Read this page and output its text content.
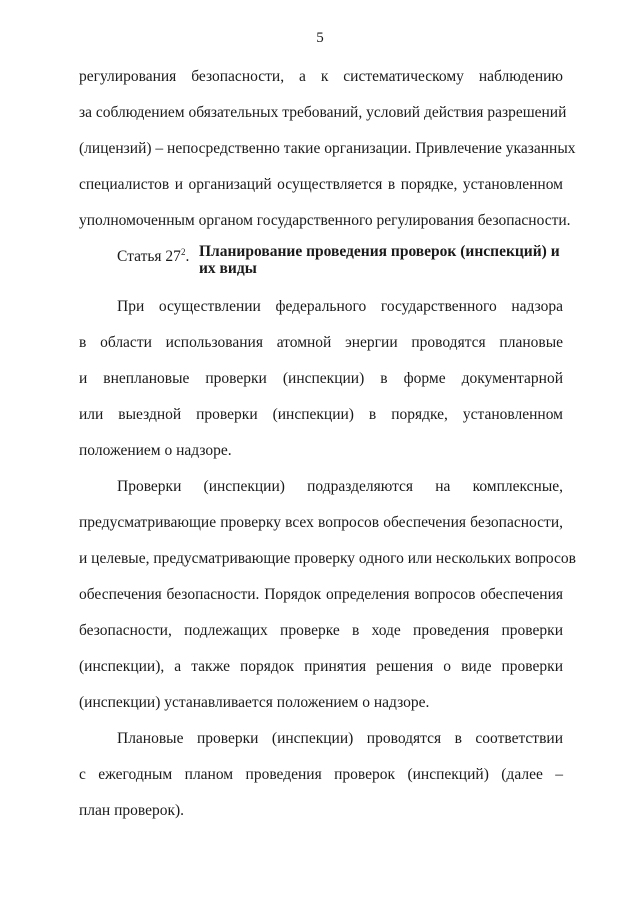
5
регулирования безопасности, а к систематическому наблюдению
за соблюдением обязательных требований, условий действия разрешений
(лицензий) – непосредственно такие организации. Привлечение указанных
специалистов и организаций осуществляется в порядке, установленном
уполномоченным органом государственного регулирования безопасности.
Статья $27^2$. Планирование проведения проверок (инспекций) и их виды
При осуществлении федерального государственного надзора
в области использования атомной энергии проводятся плановые
и внеплановые проверки (инспекции) в форме документарной
или выездной проверки (инспекции) в порядке, установленном
положением о надзоре.
Проверки (инспекции) подразделяются на комплексные,
предусматривающие проверку всех вопросов обеспечения безопасности,
и целевые, предусматривающие проверку одного или нескольких вопросов
обеспечения безопасности. Порядок определения вопросов обеспечения
безопасности, подлежащих проверке в ходе проведения проверки
(инспекции), а также порядок принятия решения о виде проверки
(инспекции) устанавливается положением о надзоре.
Плановые проверки (инспекции) проводятся в соответствии
с ежегодным планом проведения проверок (инспекций) (далее –
план проверок).
